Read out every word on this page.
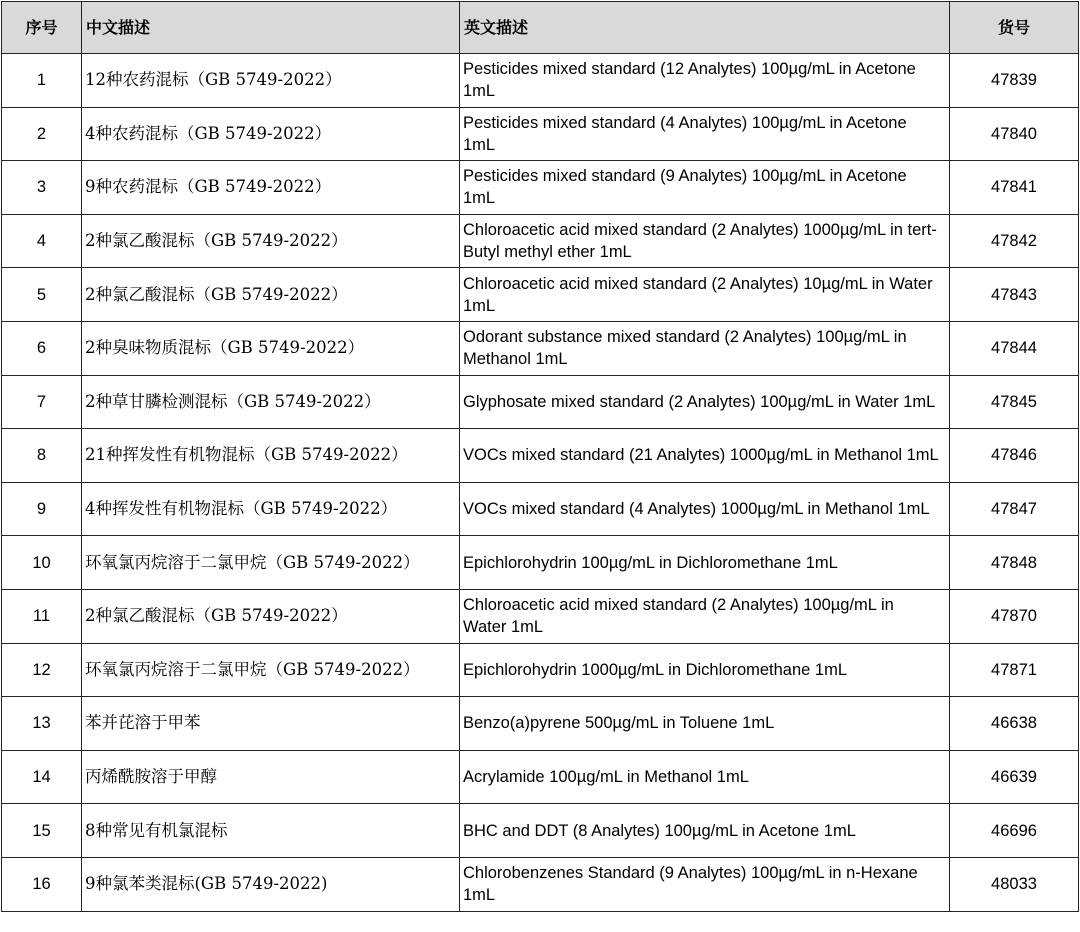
序号	中文描述	英文描述	货号
1	12种农药混标（GB 5749-2022）	Pesticides mixed standard (12 Analytes) 100µg/mL in Acetone 1mL	47839
2	4种农药混标（GB 5749-2022）	Pesticides mixed standard (4 Analytes) 100µg/mL in Acetone 1mL	47840
3	9种农药混标（GB 5749-2022）	Pesticides mixed standard (9 Analytes) 100µg/mL in Acetone 1mL	47841
4	2种氯乙酸混标（GB 5749-2022）	Chloroacetic acid mixed standard (2 Analytes) 1000µg/mL in tert-Butyl methyl ether 1mL	47842
5	2种氯乙酸混标（GB 5749-2022）	Chloroacetic acid mixed standard (2 Analytes) 10µg/mL in Water 1mL	47843
6	2种臭味物质混标（GB 5749-2022）	Odorant substance mixed standard (2 Analytes) 100µg/mL in Methanol 1mL	47844
7	2种草甘膦检测混标（GB 5749-2022）	Glyphosate mixed standard (2 Analytes) 100µg/mL in Water 1mL	47845
8	21种挥发性有机物混标（GB 5749-2022）	VOCs mixed standard (21 Analytes) 1000µg/mL in Methanol 1mL	47846
9	4种挥发性有机物混标（GB 5749-2022）	VOCs mixed standard (4 Analytes) 1000µg/mL in Methanol 1mL	47847
10	环氧氯丙烷溶于二氯甲烷（GB 5749-2022）	Epichlorohydrin 100µg/mL in Dichloromethane 1mL	47848
11	2种氯乙酸混标（GB 5749-2022）	Chloroacetic acid mixed standard (2 Analytes) 100µg/mL in Water 1mL	47870
12	环氧氯丙烷溶于二氯甲烷（GB 5749-2022）	Epichlorohydrin 1000µg/mL in Dichloromethane 1mL	47871
13	苯并芘溶于甲苯	Benzo(a)pyrene 500µg/mL in Toluene 1mL	46638
14	丙烯酰胺溶于甲醇	Acrylamide 100µg/mL in Methanol 1mL	46639
15	8种常见有机氯混标	BHC and DDT (8 Analytes) 100µg/mL in Acetone 1mL	46696
16	9种氯苯类混标(GB 5749-2022)	Chlorobenzenes Standard (9 Analytes) 100µg/mL in n-Hexane 1mL	48033
